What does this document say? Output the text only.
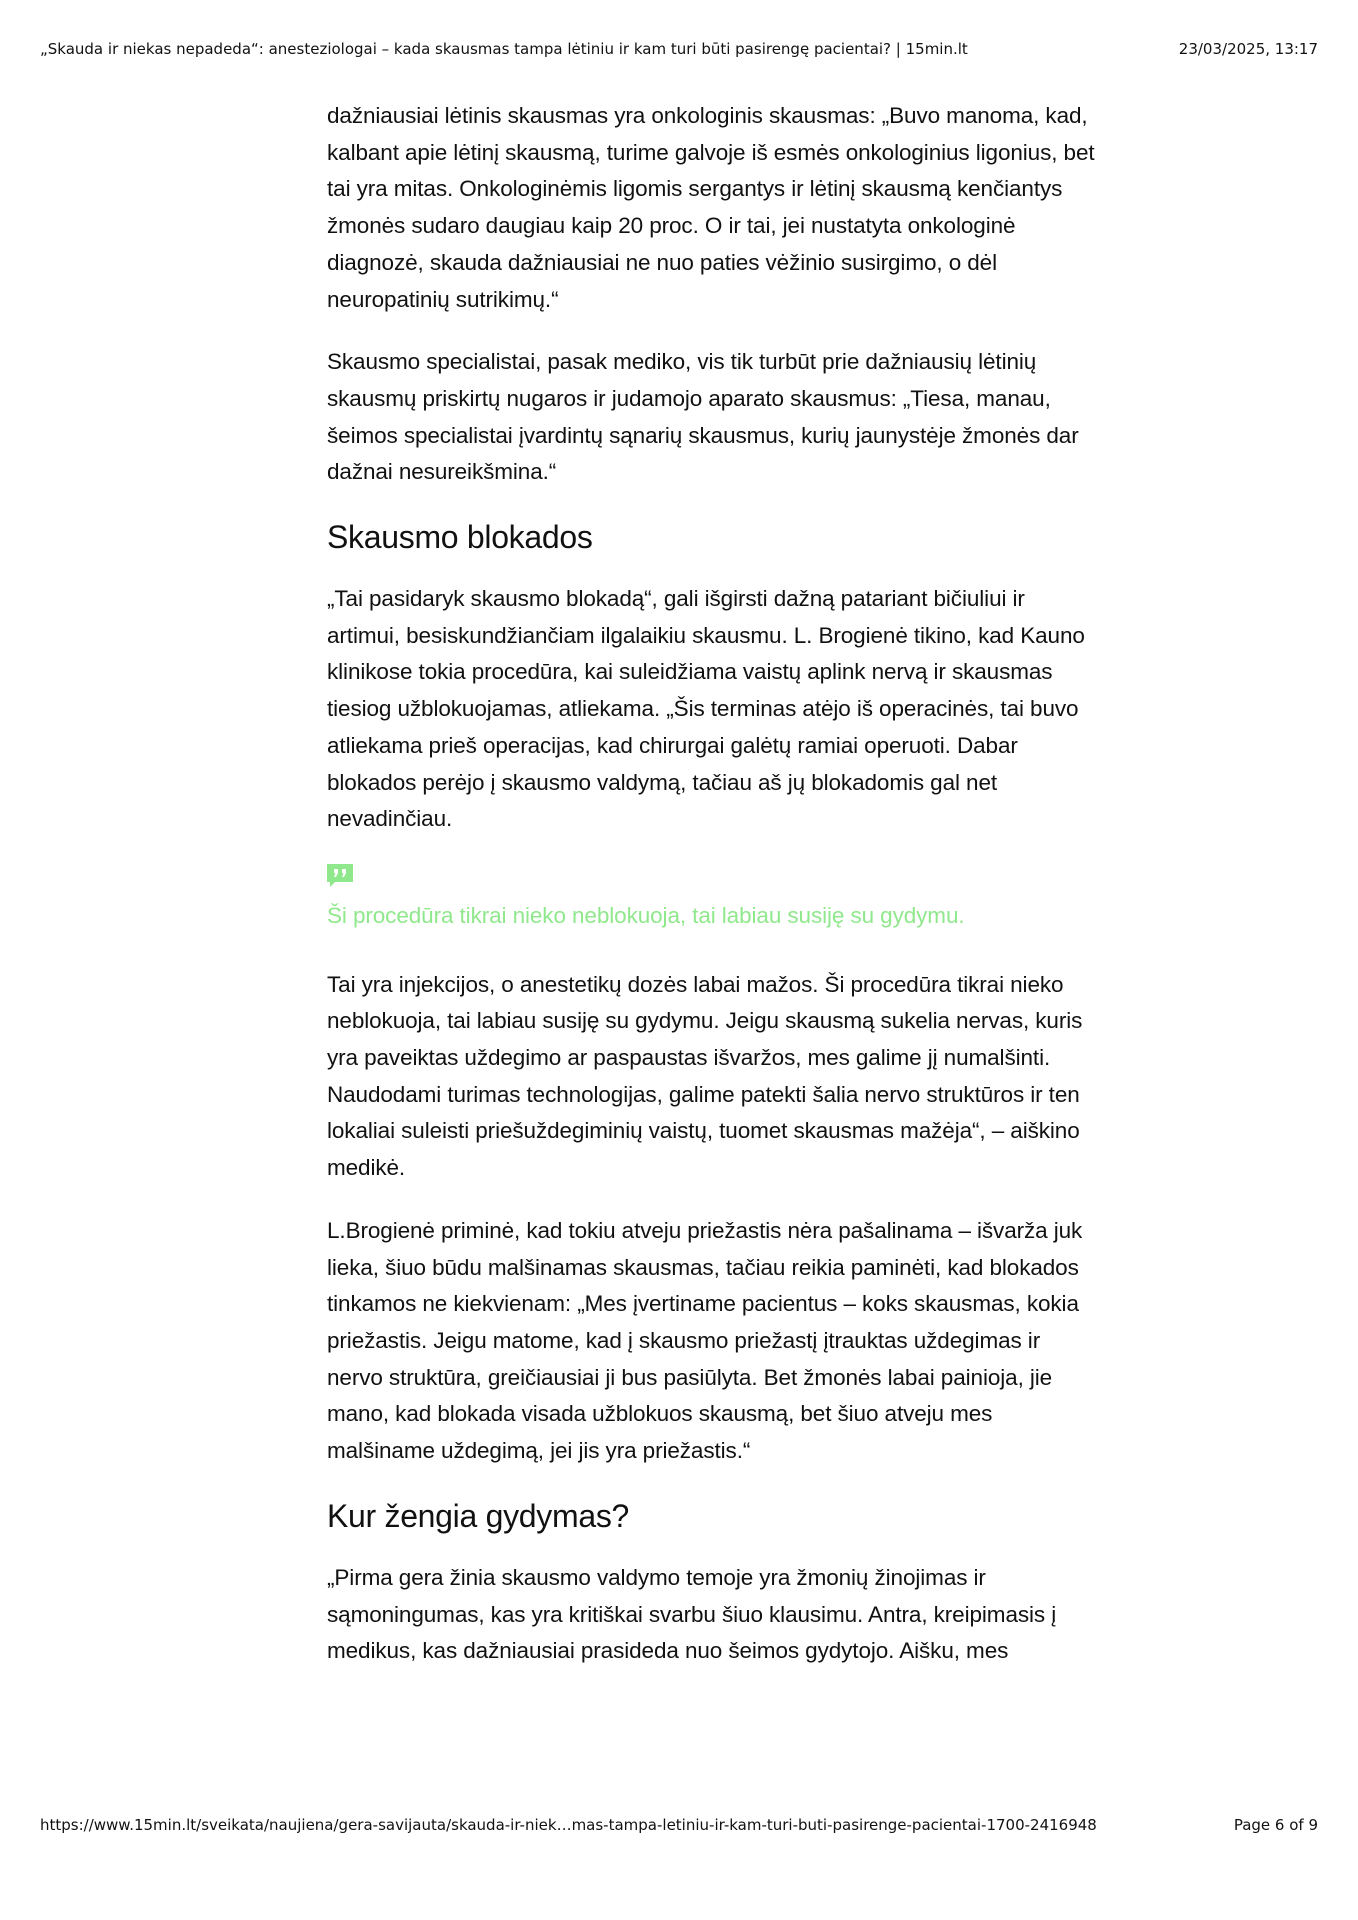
„Skauda ir niekas nepadeda“: anesteziologai – kada skausmas tampa lėtiniu ir kam turi būti pasirengę pacientai? | 15min.lt	23/03/2025, 13:17

dažniausiai lėtinis skausmas yra onkologinis skausmas: „Buvo manoma, kad, kalbant apie lėtinį skausmą, turime galvoje iš esmės onkologinius ligonius, bet tai yra mitas. Onkologinėmis ligomis sergantys ir lėtinį skausmą kenčiantys žmonės sudaro daugiau kaip 20 proc. O ir tai, jei nustatyta onkologinė diagnozė, skauda dažniausiai ne nuo paties vėžinio susirgimo, o dėl neuropatinių sutrikimų.“

Skausmo specialistai, pasak mediko, vis tik turbūt prie dažniausių lėtinių skausmų priskirtų nugaros ir judamojo aparato skausmus: „Tiesa, manau, šeimos specialistai įvardintų sąnarių skausmus, kurių jaunystėje žmonės dar dažnai nesureikšmina.“

Skausmo blokados

„Tai pasidaryk skausmo blokadą“, gali išgirsti dažną patariant bičiuliui ir artimui, besiskundžiančiam ilgalaikiu skausmu. L. Brogienė tikino, kad Kauno klinikose tokia procedūra, kai suleidžiama vaistų aplink nervą ir skausmas tiesiog užblokuojamas, atliekama. „Šis terminas atėjo iš operacinės, tai buvo atliekama prieš operacijas, kad chirurgai galėtų ramiai operuoti. Dabar blokados perėjo į skausmo valdymą, tačiau aš jų blokadomis gal net nevadinčiau.

Ši procedūra tikrai nieko neblokuoja, tai labiau susiję su gydymu.

Tai yra injekcijos, o anestetikų dozės labai mažos. Ši procedūra tikrai nieko neblokuoja, tai labiau susiję su gydymu. Jeigu skausmą sukelia nervas, kuris yra paveiktas uždegimo ar paspaustas išvaržos, mes galime jį numalšinti. Naudodami turimas technologijas, galime patekti šalia nervo struktūros ir ten lokaliai suleisti priešuždegiminių vaistų, tuomet skausmas mažėja“, – aiškino medikė.

L.Brogienė priminė, kad tokiu atveju priežastis nėra pašalinama – išvarža juk lieka, šiuo būdu malšinamas skausmas, tačiau reikia paminėti, kad blokados tinkamos ne kiekvienam: „Mes įvertiname pacientus – koks skausmas, kokia priežastis. Jeigu matome, kad į skausmo priežastį įtrauktas uždegimas ir nervo struktūra, greičiausiai ji bus pasiūlyta. Bet žmonės labai painioja, jie mano, kad blokada visada užblokuos skausmą, bet šiuo atveju mes malšiname uždegimą, jei jis yra priežastis.“

Kur žengia gydymas?

„Pirma gera žinia skausmo valdymo temoje yra žmonių žinojimas ir sąmoningumas, kas yra kritiškai svarbu šiuo klausimu. Antra, kreipimasis į medikus, kas dažniausiai prasideda nuo šeimos gydytojo. Aišku, mes

https://www.15min.lt/sveikata/naujiena/gera-savijauta/skauda-ir-niek…mas-tampa-letiniu-ir-kam-turi-buti-pasirenge-pacientai-1700-2416948	Page 6 of 9
